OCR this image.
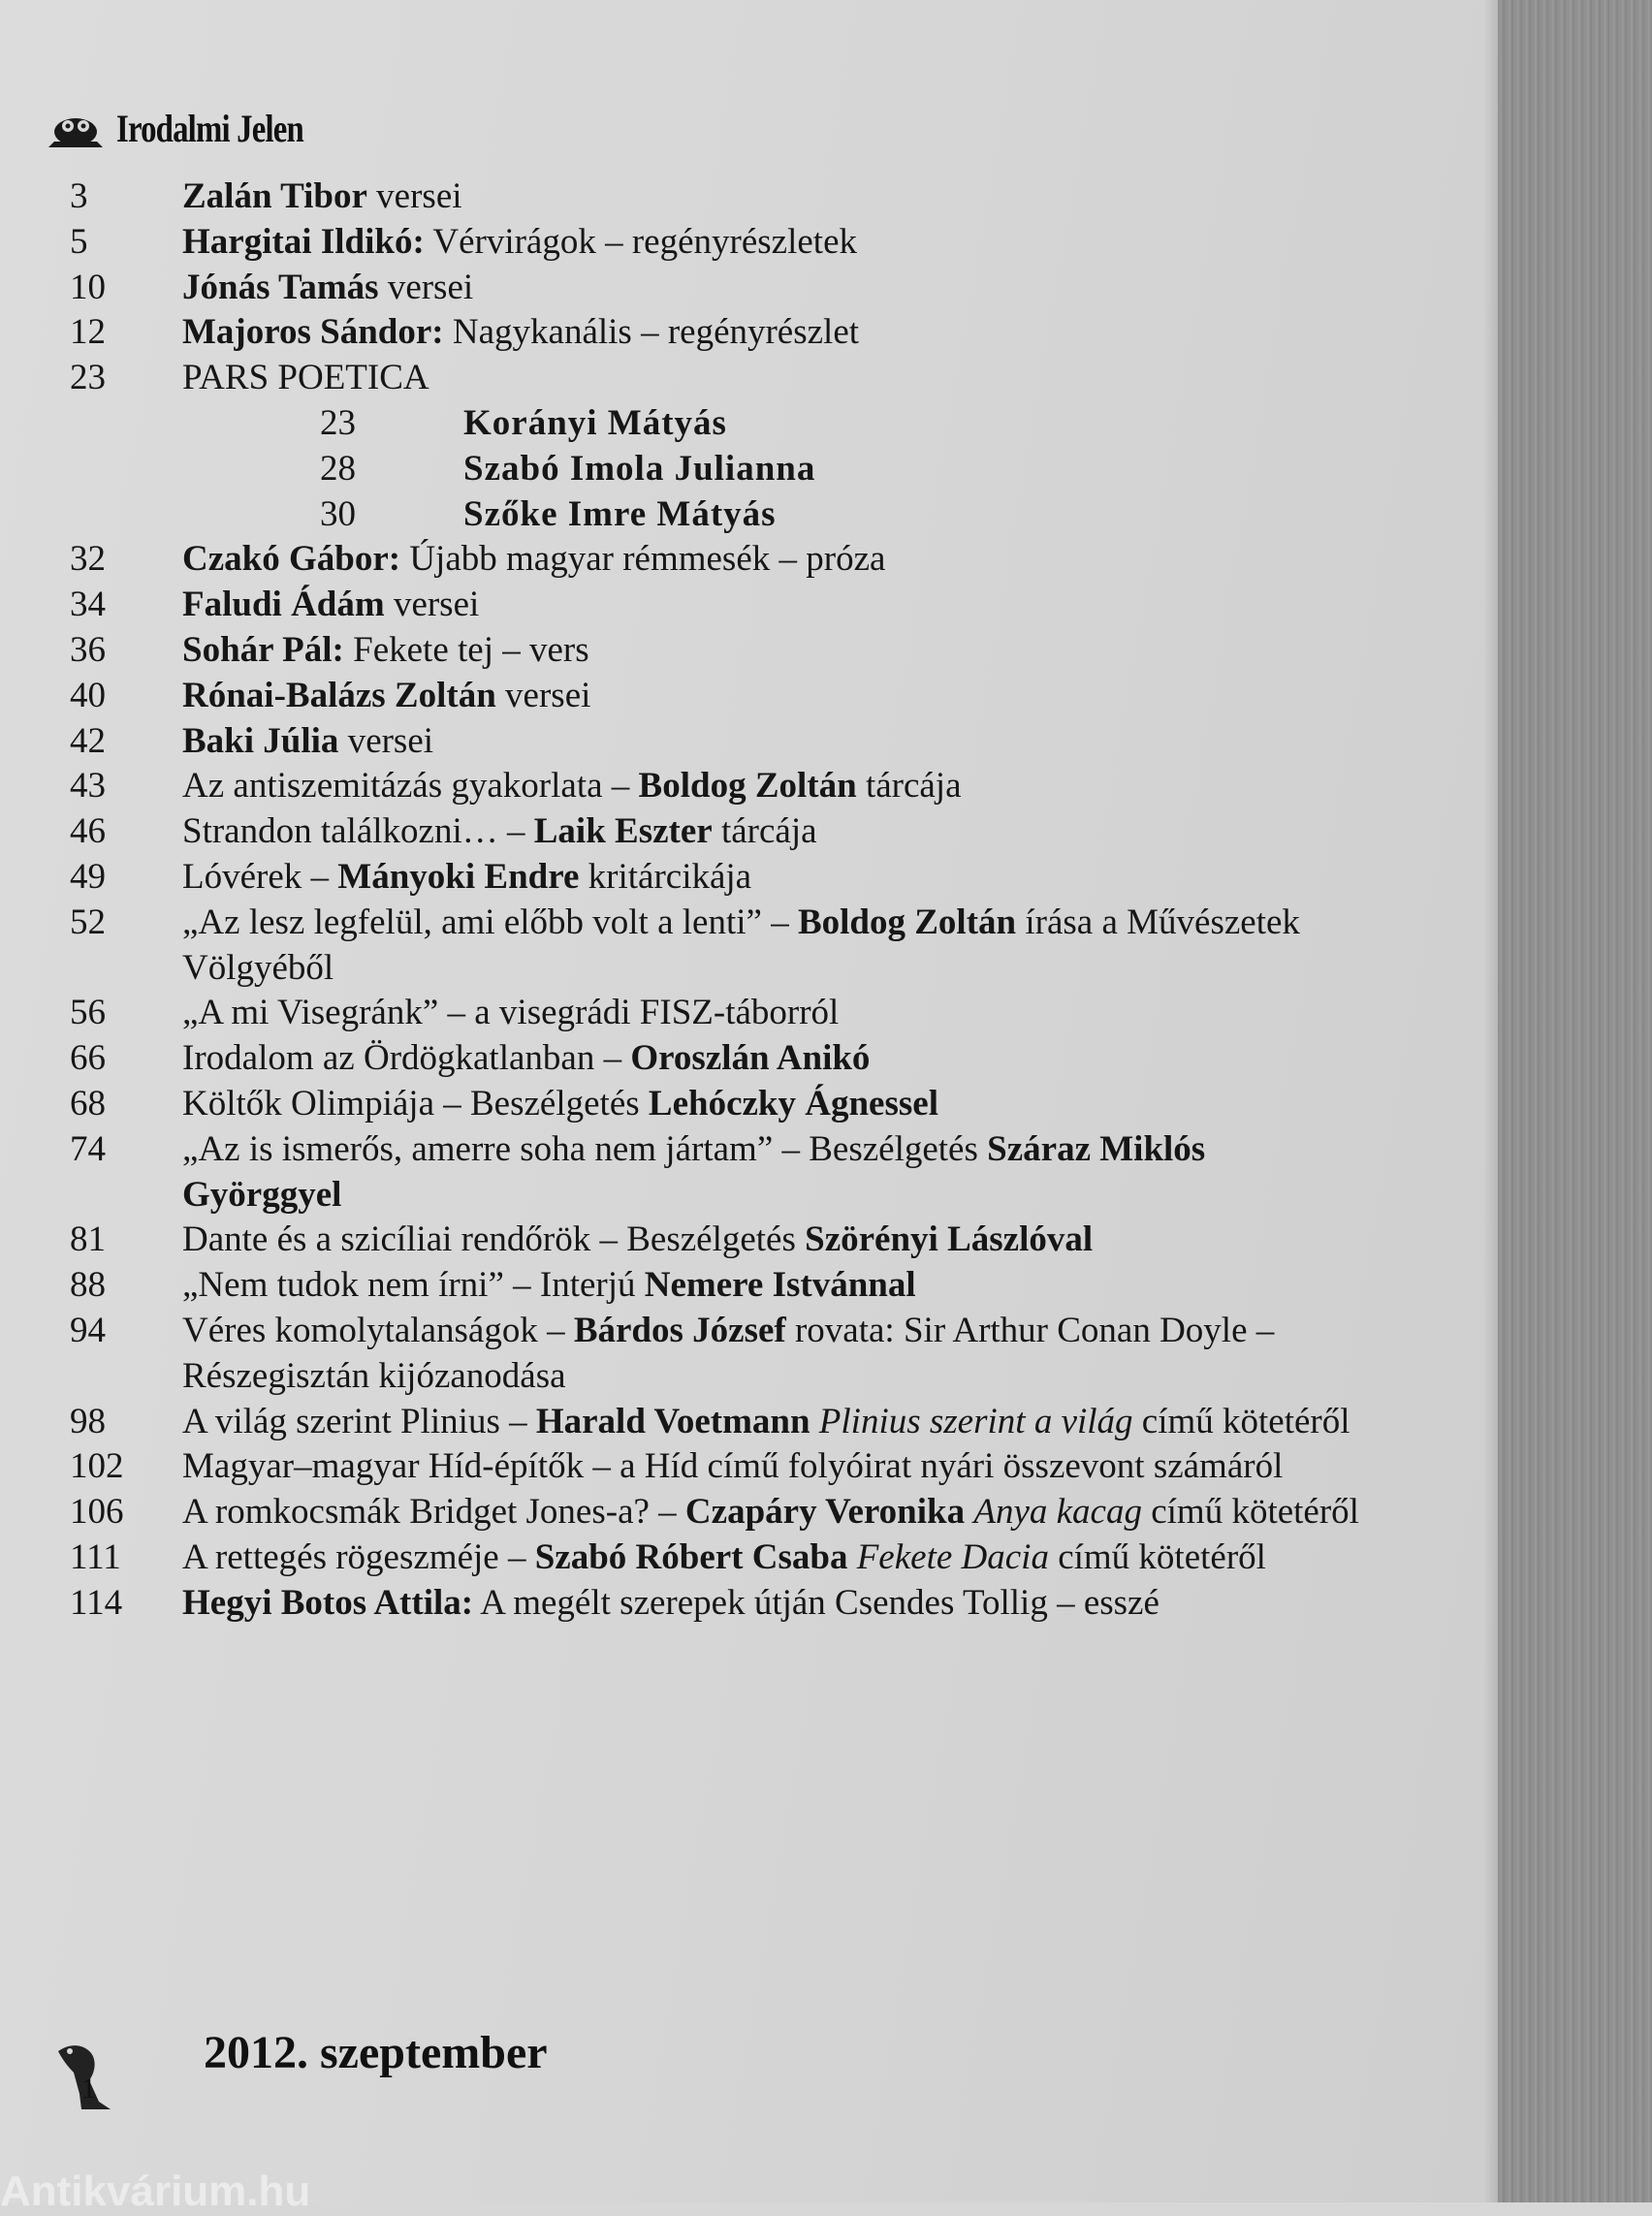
Irodalmi Jelen
3	Zalán Tibor versei
5	Hargitai Ildikó: Vérvirágok – regényrészletek
10	Jónás Tamás versei
12	Majoros Sándor: Nagykanális – regényrészlet
23	PARS POETICA
23	Korányi Mátyás
28	Szabó Imola Julianna
30	Szőke Imre Mátyás
32	Czakó Gábor: Újabb magyar rémmesék – próza
34	Faludi Ádám versei
36	Sohár Pál: Fekete tej – vers
40	Rónai-Balázs Zoltán versei
42	Baki Júlia versei
43	Az antiszemitázás gyakorlata – Boldog Zoltán tárcája
46	Strandon találkozni… – Laik Eszter tárcája
49	Lóvérek – Mányoki Endre kritárcikája
52	„Az lesz legfelül, ami előbb volt a lenti” – Boldog Zoltán írása a Művészetek Völgyéből
56	„A mi Visegránk” – a visegrádi FISZ-táborról
66	Irodalom az Ördögkatlanban – Oroszlán Anikó
68	Költők Olimpiája – Beszélgetés Lehóczky Ágnessel
74	„Az is ismerős, amerre soha nem jártam” – Beszélgetés Száraz Miklós Györggyel
81	Dante és a szicíliai rendőrök – Beszélgetés Szörényi Lászlóval
88	„Nem tudok nem írni” – Interjú Nemere Istvánnal
94	Véres komolytalanságok – Bárdos József rovata: Sir Arthur Conan Doyle – Részegisztán kijózanodása
98	A világ szerint Plinius – Harald Voetmann Plinius szerint a világ című kötetéről
102	Magyar–magyar Híd-építők – a Híd című folyóirat nyári összevont számáról
106	A romkocsmák Bridget Jones-a? – Czapáry Veronika Anya kacag című kötetéről
111	A rettegés rögeszméje – Szabó Róbert Csaba Fekete Dacia című kötetéről
114	Hegyi Botos Attila: A megélt szerepek útján Csendes Tollig – esszé
1
2012. szeptember
Antikvárium.hu
